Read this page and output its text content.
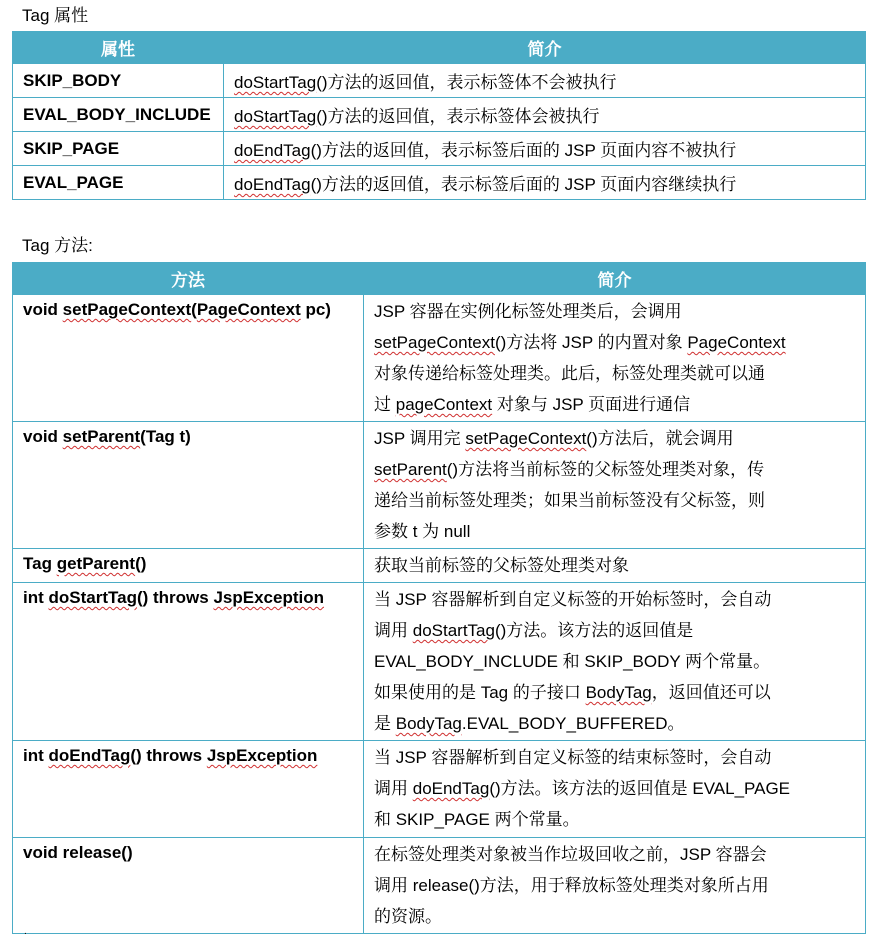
Tag 属性
属性	简介
SKIP_BODY	doStartTag()方法的返回值，表示标签体不会被执行
EVAL_BODY_INCLUDE	doStartTag()方法的返回值，表示标签体会被执行
SKIP_PAGE	doEndTag()方法的返回值，表示标签后面的 JSP 页面内容不被执行
EVAL_PAGE	doEndTag()方法的返回值，表示标签后面的 JSP 页面内容继续执行
Tag 方法:
方法	简介
void setPageContext(PageContext pc)	JSP 容器在实例化标签处理类后，会调用
setPageContext()方法将 JSP 的内置对象 PageContext
对象传递给标签处理类。此后，标签处理类就可以通
过 pageContext 对象与 JSP 页面进行通信

void setParent(Tag t)	JSP 调用完 setPageContext()方法后，就会调用
setParent()方法将当前标签的父标签处理类对象，传
递给当前标签处理类；如果当前标签没有父标签，则
参数 t 为 null

Tag getParent()	获取当前标签的父标签处理类对象

int doStartTag() throws JspException	当 JSP 容器解析到自定义标签的开始标签时，会自动
调用 doStartTag()方法。该方法的返回值是
EVAL_BODY_INCLUDE 和 SKIP_BODY 两个常量。
如果使用的是 Tag 的子接口 BodyTag，返回值还可以
是 BodyTag.EVAL_BODY_BUFFERED。

int doEndTag() throws JspException	当 JSP 容器解析到自定义标签的结束标签时，会自动
调用 doEndTag()方法。该方法的返回值是 EVAL_PAGE
和 SKIP_PAGE 两个常量。

void release()	在标签处理类对象被当作垃圾回收之前，JSP 容器会
调用 release()方法，用于释放标签处理类对象所占用
的资源。
.
